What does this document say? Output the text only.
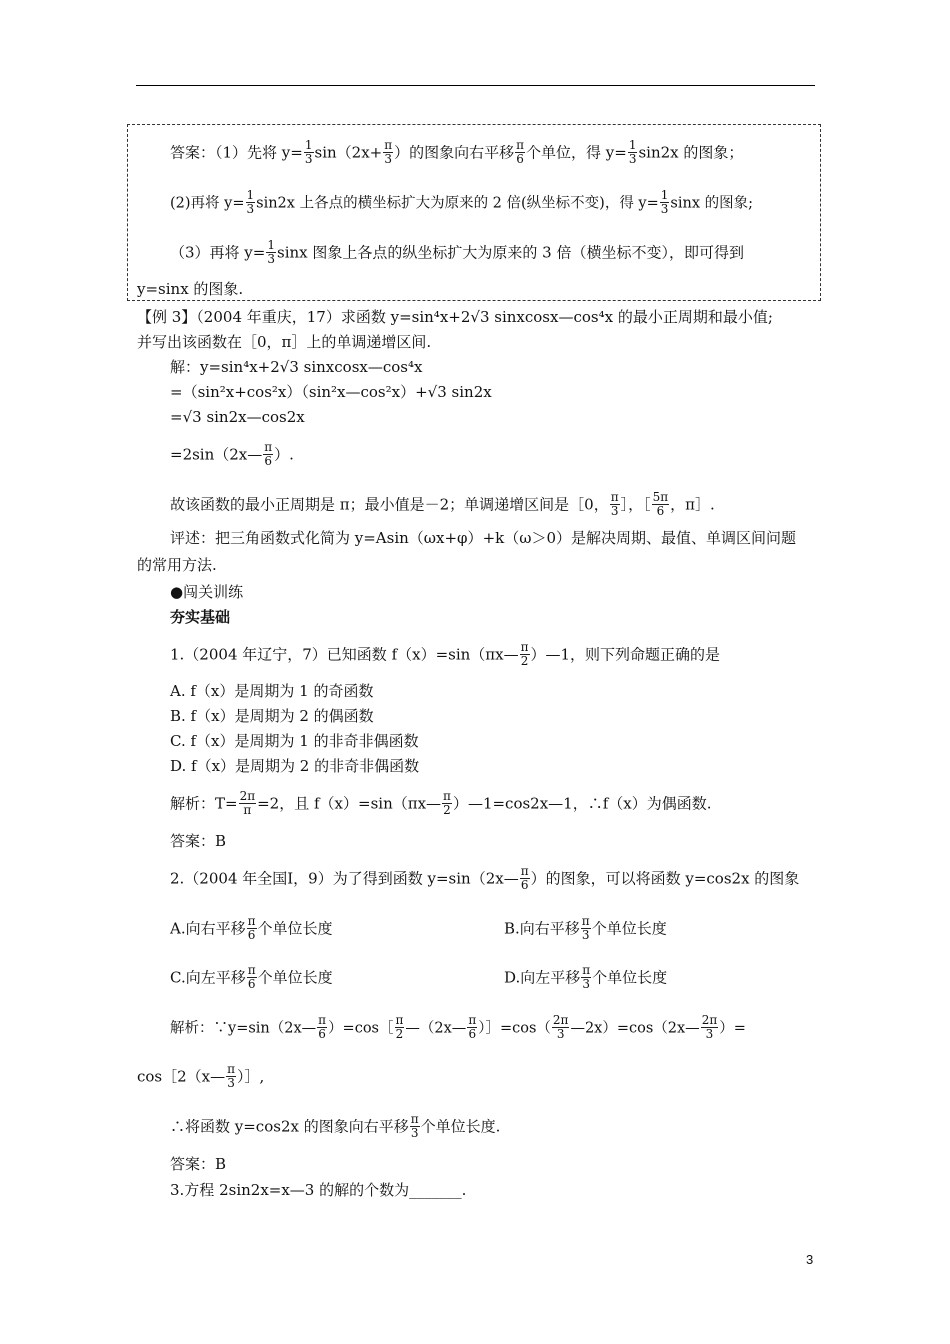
答案：（1）先将 $y= \frac{1}{3} \sin(2x+ \frac{\pi}{3}$ ）的图象向右平移 $\frac{\pi}{6}$ 个单位，得 $y= \frac{1}{3} \sin 2x$ 的图象；
(2)再将 $y= \frac{1}{3} \sin 2x$ 上各点的横坐标扩大为原来的 2 倍(纵坐标不变)，得 $y= \frac{1}{3}$ sinx 的图象;
（3）再将 $y= \frac{1}{3}$ sinx 图象上各点的纵坐标扩大为原来的 3 倍（横坐标不变），即可得到
y=sinx 的图象.
【例 3】（2004 年重庆，17）求函数 y=sin⁴x+2√3 sinxcosx—cos⁴x 的最小正周期和最小值;
并写出该函数在［0，π］上的单调递增区间.
解：y=sin⁴x+2√3 sinxcosx—cos⁴x
=（sin²x+cos²x）（sin²x—cos²x）+√3 sin2x
=√3 sin2x—cos2x
=2sin（2x— $\frac{\pi}{6}$ ）.
故该函数的最小正周期是 π；最小值是－2；单调递增区间是［0， $\frac{\pi}{3}$ ］，［ $\frac{5\pi}{6}$ ，π］.
评述：把三角函数式化简为 y=Asin（ωx+φ）+k（ω＞0）是解决周期、最值、单调区间问题
的常用方法.
●闯关训练
夯实基础
1.（2004 年辽宁，7）已知函数 f（x）=sin（πx— $\frac{\pi}{2}$ ）—1，则下列命题正确的是
A. f（x）是周期为 1 的奇函数
B. f（x）是周期为 2 的偶函数
C. f（x）是周期为 1 的非奇非偶函数
D. f（x）是周期为 2 的非奇非偶函数
解析：$T= \frac{2\pi}{\pi} =2$，且 f（x）=sin（πx— $\frac{\pi}{2}$ ）—1=cos2x—1，∴f（x）为偶函数.
答案：B
2.（2004 年全国Ⅰ，9）为了得到函数 y=sin（2x— $\frac{\pi}{6}$ ）的图象，可以将函数 y=cos2x 的图象
A.向右平移 $\frac{\pi}{6}$ 个单位长度	B.向右平移 $\frac{\pi}{3}$ 个单位长度
C.向左平移 $\frac{\pi}{6}$ 个单位长度	D.向左平移 $\frac{\pi}{3}$ 个单位长度
解析：∵y=sin（2x— $\frac{\pi}{6}$ ）=cos［ $\frac{\pi}{2}$ —（2x— $\frac{\pi}{6}$ ）］=cos（ $\frac{2\pi}{3}$ —2x）=cos（2x— $\frac{2\pi}{3}$ ）=
cos［2（x— $\frac{\pi}{3}$ ）］,
∴将函数 y=cos2x 的图象向右平移 $\frac{\pi}{3}$ 个单位长度.
答案：B
3.方程 2sin2x=x—3 的解的个数为_______.
3
